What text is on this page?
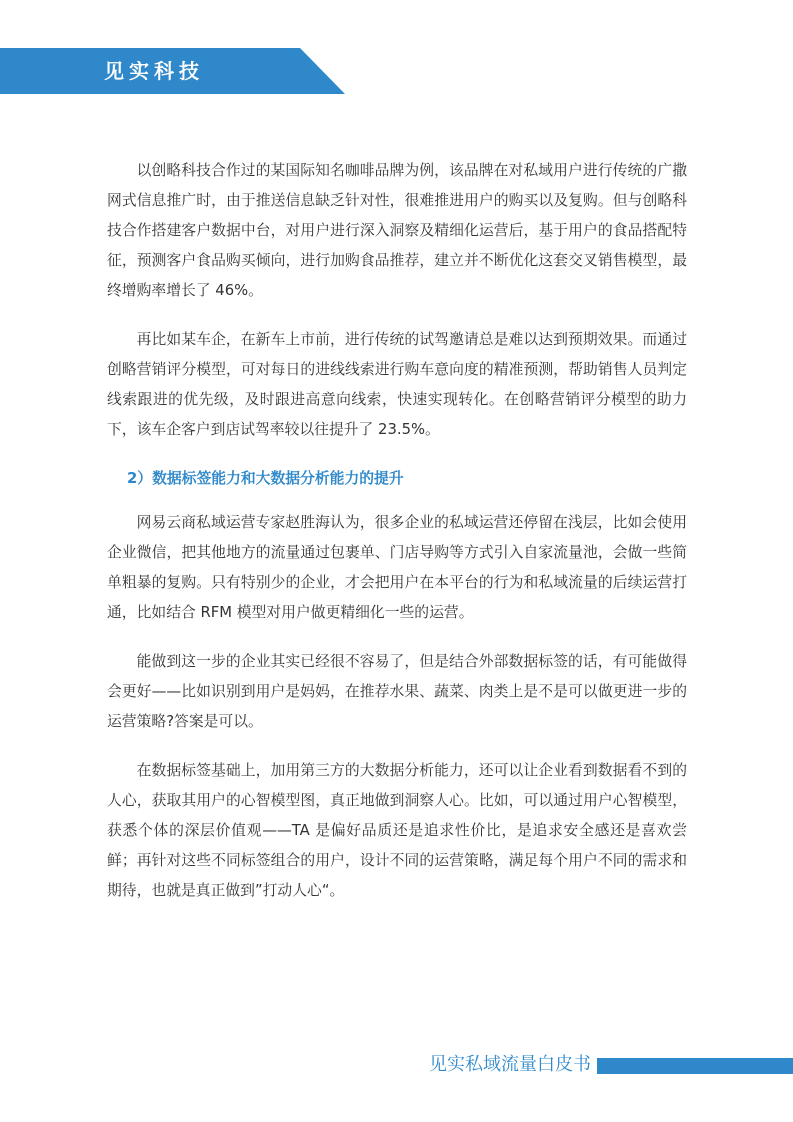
见实科技

以创略科技合作过的某国际知名咖啡品牌为例，该品牌在对私域用户进行传统的广撒网式信息推广时，由于推送信息缺乏针对性，很难推进用户的购买以及复购。但与创略科技合作搭建客户数据中台，对用户进行深入洞察及精细化运营后，基于用户的食品搭配特征，预测客户食品购买倾向，进行加购食品推荐，建立并不断优化这套交叉销售模型，最终增购率增长了 46%。

再比如某车企，在新车上市前，进行传统的试驾邀请总是难以达到预期效果。而通过创略营销评分模型，可对每日的进线线索进行购车意向度的精准预测，帮助销售人员判定线索跟进的优先级，及时跟进高意向线索，快速实现转化。在创略营销评分模型的助力下，该车企客户到店试驾率较以往提升了 23.5%。

2）数据标签能力和大数据分析能力的提升

网易云商私域运营专家赵胜海认为，很多企业的私域运营还停留在浅层，比如会使用企业微信，把其他地方的流量通过包裹单、门店导购等方式引入自家流量池，会做一些简单粗暴的复购。只有特别少的企业，才会把用户在本平台的行为和私域流量的后续运营打通，比如结合 RFM 模型对用户做更精细化一些的运营。

能做到这一步的企业其实已经很不容易了，但是结合外部数据标签的话，有可能做得会更好——比如识别到用户是妈妈，在推荐水果、蔬菜、肉类上是不是可以做更进一步的运营策略?答案是可以。

在数据标签基础上，加用第三方的大数据分析能力，还可以让企业看到数据看不到的人心，获取其用户的心智模型图，真正地做到洞察人心。比如，可以通过用户心智模型，获悉个体的深层价值观——TA 是偏好品质还是追求性价比，是追求安全感还是喜欢尝鲜；再针对这些不同标签组合的用户，设计不同的运营策略，满足每个用户不同的需求和期待，也就是真正做到”打动人心“。

见实私域流量白皮书
